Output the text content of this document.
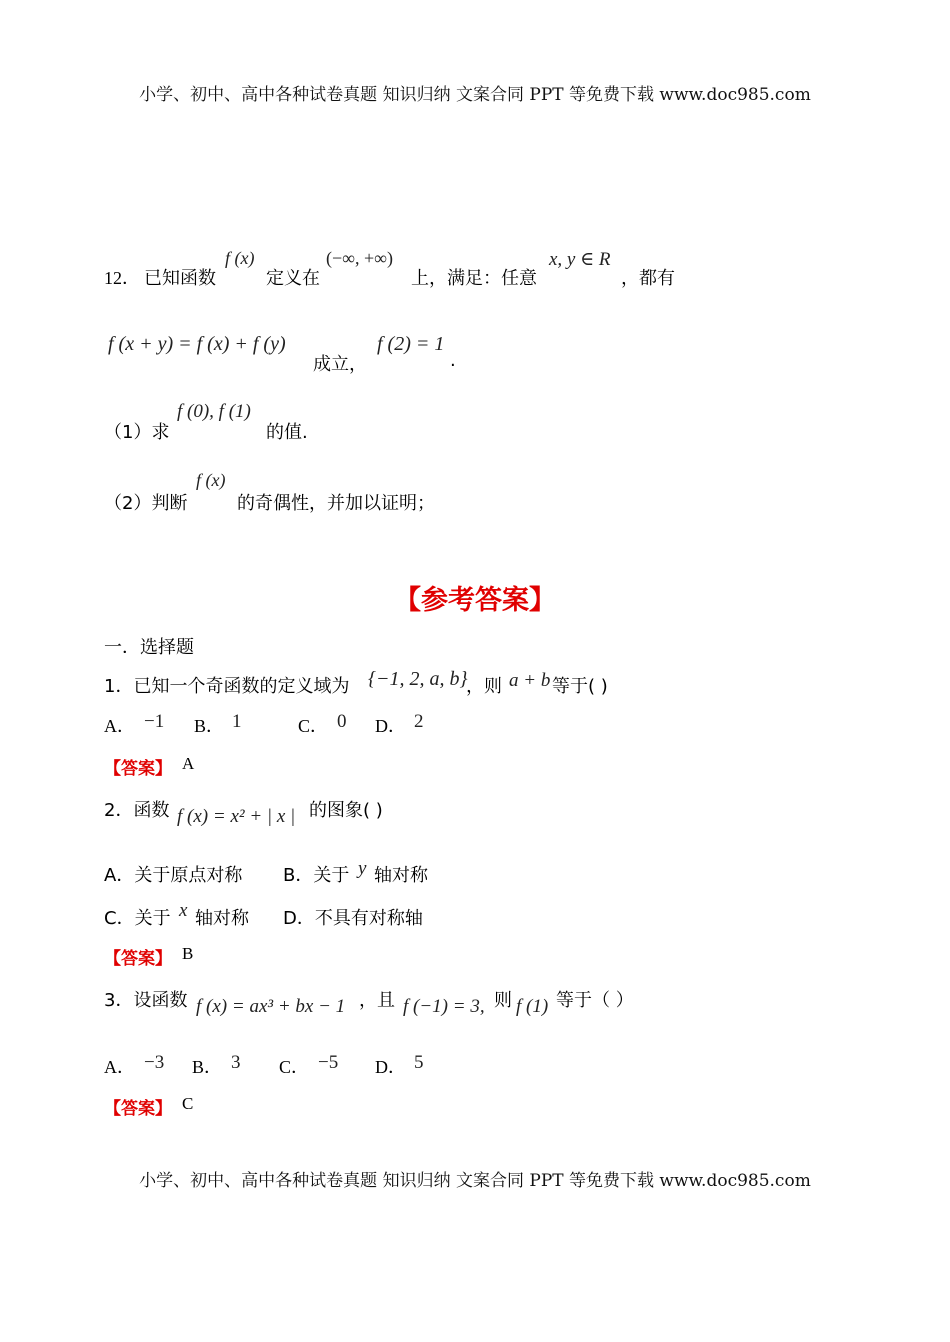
小学、初中、高中各种试卷真题 知识归纳 文案合同 PPT 等免费下载 www.doc985.com
12． 已知函数
f (x)
定义在
(−∞, +∞)
上，满足：任意
x, y ∈ R
，都有
f (x + y) = f (x) + f (y)
成立，
f (2) = 1
.
（1）求
f (0), f (1)
的值.
（2）判断
f (x)
的奇偶性，并加以证明；
【参考答案】
一．选择题
1．已知一个奇函数的定义域为 {−1, 2, a, b}
，则 a + b 等于( )
A． −1 B． 1	C． 0 D． 2
【答案】 A
2．函数 f (x) = x² + | x | 的图象( )
A．关于原点对称 B．关于 y 轴对称
C．关于 x 轴对称 D．不具有对称轴
【答案】 B
3．设函数 f (x) = ax³ + bx − 1 ，且 f (−1) = 3, 则 f (1) 等于（ ）
A． −3 B． 3 C． −5 D． 5
【答案】 C
小学、初中、高中各种试卷真题 知识归纳 文案合同 PPT 等免费下载 www.doc985.com
